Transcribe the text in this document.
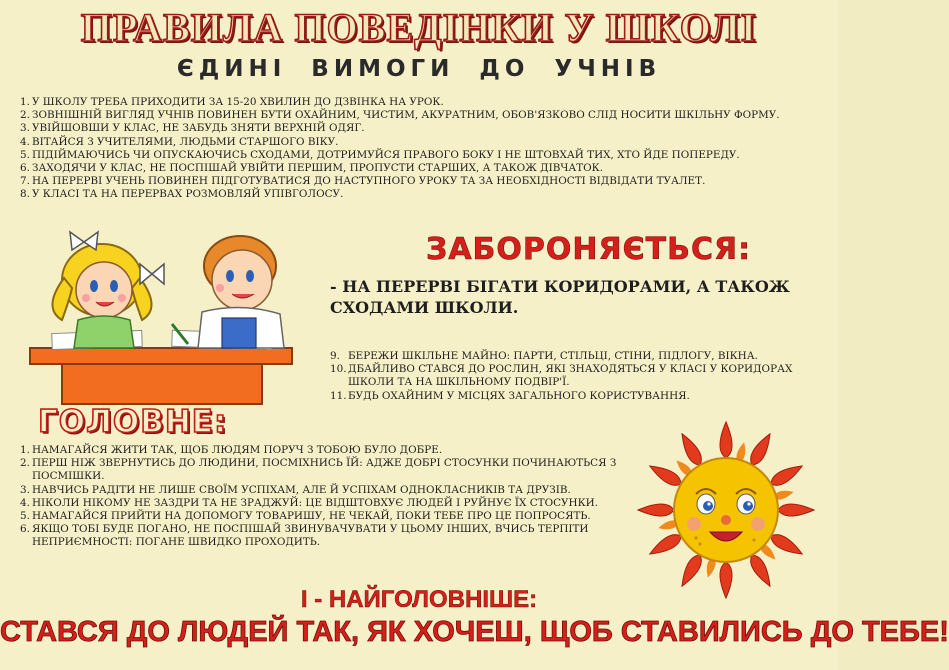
ПРАВИЛА ПОВЕДІНКИ У ШКОЛІ
ЄДИНІ ВИМОГИ ДО УЧНІВ
1. У ШКОЛУ ТРЕБА ПРИХОДИТИ ЗА 15-20 ХВИЛИН ДО ДЗВІНКА НА УРОК.
2. ЗОВНІШНІЙ ВИГЛЯД УЧНІВ ПОВИНЕН БУТИ ОХАЙНИМ, ЧИСТИМ, АКУРАТНИМ, ОБОВ'ЯЗКОВО СЛІД НОСИТИ ШКІЛЬНУ ФОРМУ.
3. УВІЙШОВШИ У КЛАС, НЕ ЗАБУДЬ ЗНЯТИ ВЕРХНІЙ ОДЯГ.
4. ВІТАЙСЯ З УЧИТЕЛЯМИ, ЛЮДЬМИ СТАРШОГО ВІКУ.
5. ПІДІЙМАЮЧИСЬ ЧИ ОПУСКАЮЧИСЬ СХОДАМИ, ДОТРИМУЙСЯ ПРАВОГО БОКУ І НЕ ШТОВХАЙ ТИХ, ХТО ЙДЕ ПОПЕРЕДУ.
6. ЗАХОДЯЧИ У КЛАС, НЕ ПОСПІШАЙ УВІЙТИ ПЕРШИМ, ПРОПУСТИ СТАРШИХ, А ТАКОЖ ДІВЧАТОК.
7. НА ПЕРЕРВІ УЧЕНЬ ПОВИНЕН ПІДГОТУВАТИСЯ ДО НАСТУПНОГО УРОКУ ТА ЗА НЕОБХІДНОСТІ ВІДВІДАТИ ТУАЛЕТ.
8. У КЛАСІ ТА НА ПЕРЕРВАХ РОЗМОВЛЯЙ УПІВГОЛОСУ.
ЗАБОРОНЯЄТЬСЯ:
- НА ПЕРЕРВІ БІГАТИ КОРИДОРАМИ, А ТАКОЖ СХОДАМИ ШКОЛИ.
9. БЕРЕЖИ ШКІЛЬНЕ МАЙНО: ПАРТИ, СТІЛЬЦІ, СТІНИ, ПІДЛОГУ, ВІКНА.
10. ДБАЙЛИВО СТАВСЯ ДО РОСЛИН, ЯКІ ЗНАХОДЯТЬСЯ У КЛАСІ У КОРИДОРАХ ШКОЛИ ТА НА ШКІЛЬНОМУ ПОДВІР'Ї.
11. БУДЬ ОХАЙНИМ У МІСЦЯХ ЗАГАЛЬНОГО КОРИСТУВАННЯ.
ГОЛОВНЕ:
1. НАМАГАЙСЯ ЖИТИ ТАК, ЩОБ ЛЮДЯМ ПОРУЧ З ТОБОЮ БУЛО ДОБРЕ.
2. ПЕРШ НІЖ ЗВЕРНУТИСЬ ДО ЛЮДИНИ, ПОСМІХНИСЬ ЇЙ: АДЖЕ ДОБРІ СТОСУНКИ ПОЧИНАЮТЬСЯ З ПОСМІШКИ.
3. НАВЧИСЬ РАДІТИ НЕ ЛИШЕ СВОЇМ УСПІХАМ, АЛЕ Й УСПІХАМ ОДНОКЛАСНИКІВ ТА ДРУЗІВ.
4. НІКОЛИ НІКОМУ НЕ ЗАЗДРИ ТА НЕ ЗРАДЖУЙ: ЦЕ ВІДШТОВХУЄ ЛЮДЕЙ І РУЙНУЄ ЇХ СТОСУНКИ.
5. НАМАГАЙСЯ ПРИЙТИ НА ДОПОМОГУ ТОВАРИШУ, НЕ ЧЕКАЙ, ПОКИ ТЕБЕ ПРО ЦЕ ПОПРОСЯТЬ.
6. ЯКЩО ТОБІ БУДЕ ПОГАНО, НЕ ПОСПІШАЙ ЗВИНУВАЧУВАТИ У ЦЬОМУ ІНШИХ, ВЧИСЬ ТЕРПІТИ НЕПРИЄМНОСТІ: ПОГАНЕ ШВИДКО ПРОХОДИТЬ.
І - НАЙГОЛОВНІШЕ:
СТАВСЯ ДО ЛЮДЕЙ ТАК, ЯК ХОЧЕШ, ЩОБ СТАВИЛИСЬ ДО ТЕБЕ!
